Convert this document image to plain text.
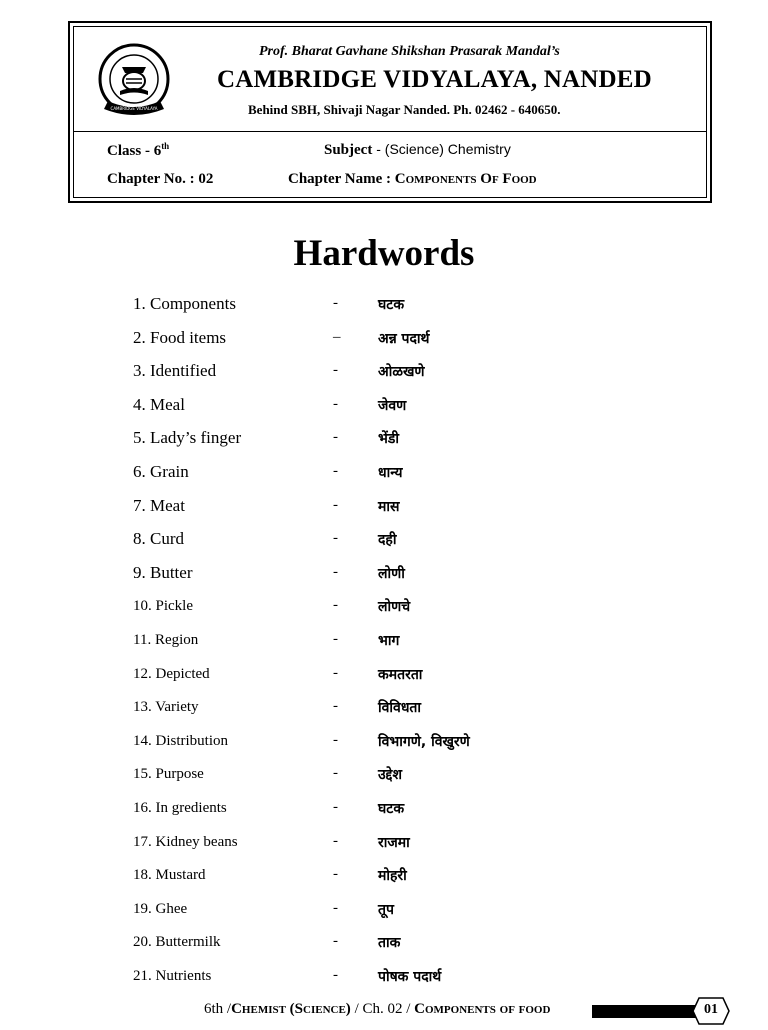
CAMBRIDGE VIDYALAYA
Prof. Bharat Gavhane Shikshan Prasarak Mandal’s
CAMBRIDGE VIDYALAYA, NANDED
Behind SBH, Shivaji Nagar Nanded. Ph. 02462 - 640650.
Class - 6th	Subject - (Science) Chemistry
Chapter No. : 02	Chapter Name : Components Of Food
Hardwords
1. Components	-	घटक
2. Food items	–	अन्न पदार्थ
3. Identified	-	ओळखणे
4. Meal	-	जेवण
5. Lady’s finger	-	भेंडी
6. Grain	-	धान्य
7. Meat	-	मास
8. Curd	-	दही
9. Butter	-	लोणी
10. Pickle	-	लोणचे
11. Region	-	भाग
12. Depicted	-	कमतरता
13. Variety	-	विविधता
14. Distribution	-	विभागणे, विखुरणे
15. Purpose	-	उद्देश
16. In gredients	-	घटक
17. Kidney beans	-	राजमा
18. Mustard	-	मोहरी
19. Ghee	-	तूप
20. Buttermilk	-	ताक
21. Nutrients	-	पोषक पदार्थ
6th /Chemist (Science) / Ch. 02 / Components of food	01
